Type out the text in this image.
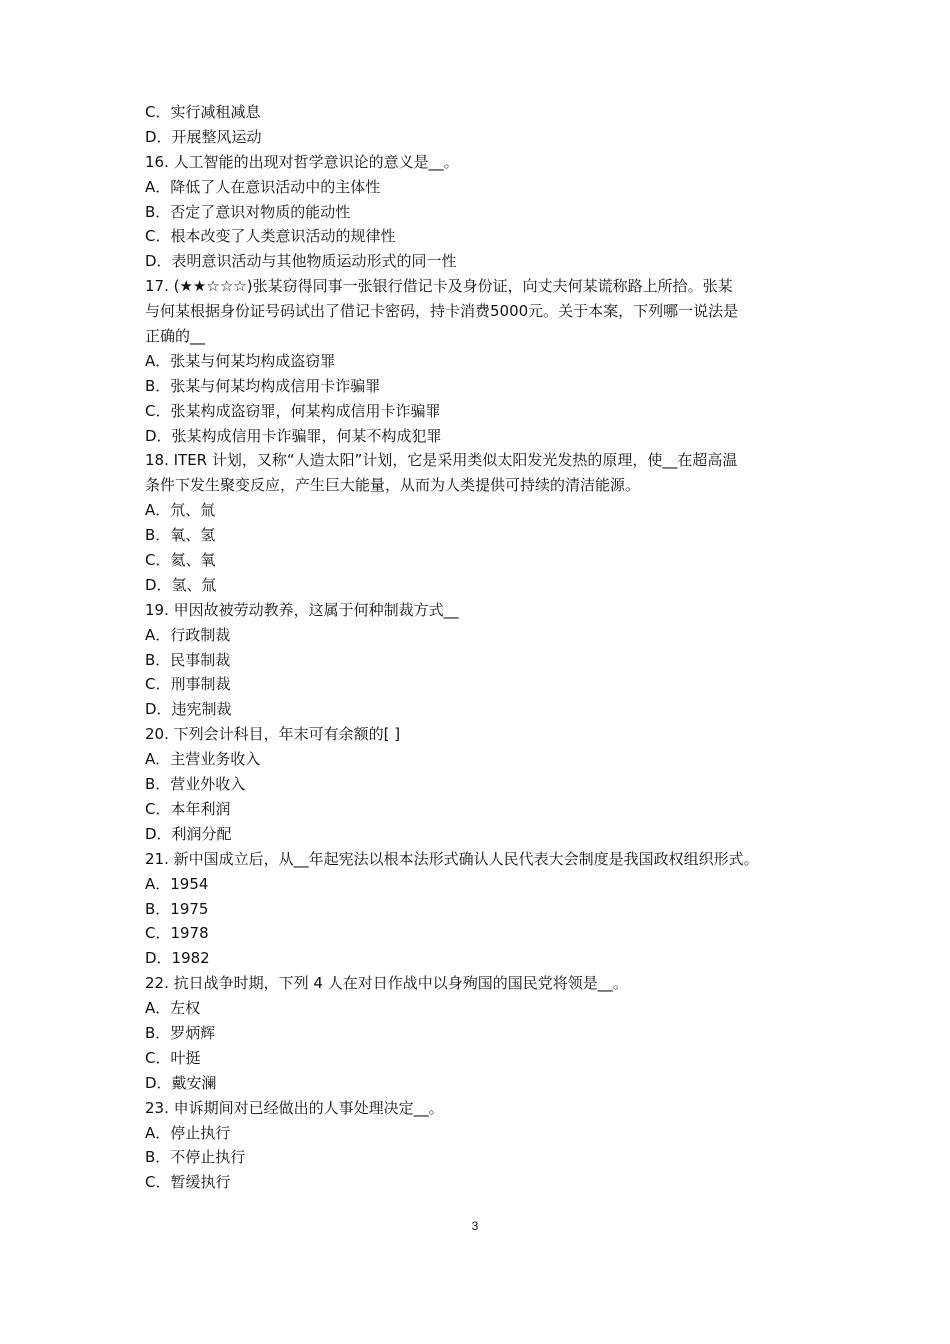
C．实行减租减息
D．开展整风运动
16. 人工智能的出现对哲学意识论的意义是__。
A．降低了人在意识活动中的主体性
B．否定了意识对物质的能动性
C．根本改变了人类意识活动的规律性
D．表明意识活动与其他物质运动形式的同一性
17. (★★☆☆☆)张某窃得同事一张银行借记卡及身份证，向丈夫何某谎称路上所拾。张某
与何某根据身份证号码试出了借记卡密码，持卡消费5000元。关于本案，下列哪一说法是
正确的__
A．张某与何某均构成盗窃罪
B．张某与何某均构成信用卡诈骗罪
C．张某构成盗窃罪，何某构成信用卡诈骗罪
D．张某构成信用卡诈骗罪，何某不构成犯罪
18. ITER 计划，又称“人造太阳”计划，它是采用类似太阳发光发热的原理，使__在超高温
条件下发生聚变反应，产生巨大能量，从而为人类提供可持续的清洁能源。
A．氘、氚
B．氧、氢
C．氦、氧
D．氢、氚
19. 甲因故被劳动教养，这属于何种制裁方式__
A．行政制裁
B．民事制裁
C．刑事制裁
D．违宪制裁
20. 下列会计科目，年末可有余额的[ ]
A．主营业务收入
B．营业外收入
C．本年利润
D．利润分配
21. 新中国成立后，从__年起宪法以根本法形式确认人民代表大会制度是我国政权组织形式。
A．1954
B．1975
C．1978
D．1982
22. 抗日战争时期，下列 4 人在对日作战中以身殉国的国民党将领是__。
A．左权
B．罗炳辉
C．叶挺
D．戴安澜
23. 申诉期间对已经做出的人事处理决定__。
A．停止执行
B．不停止执行
C．暂缓执行
3
